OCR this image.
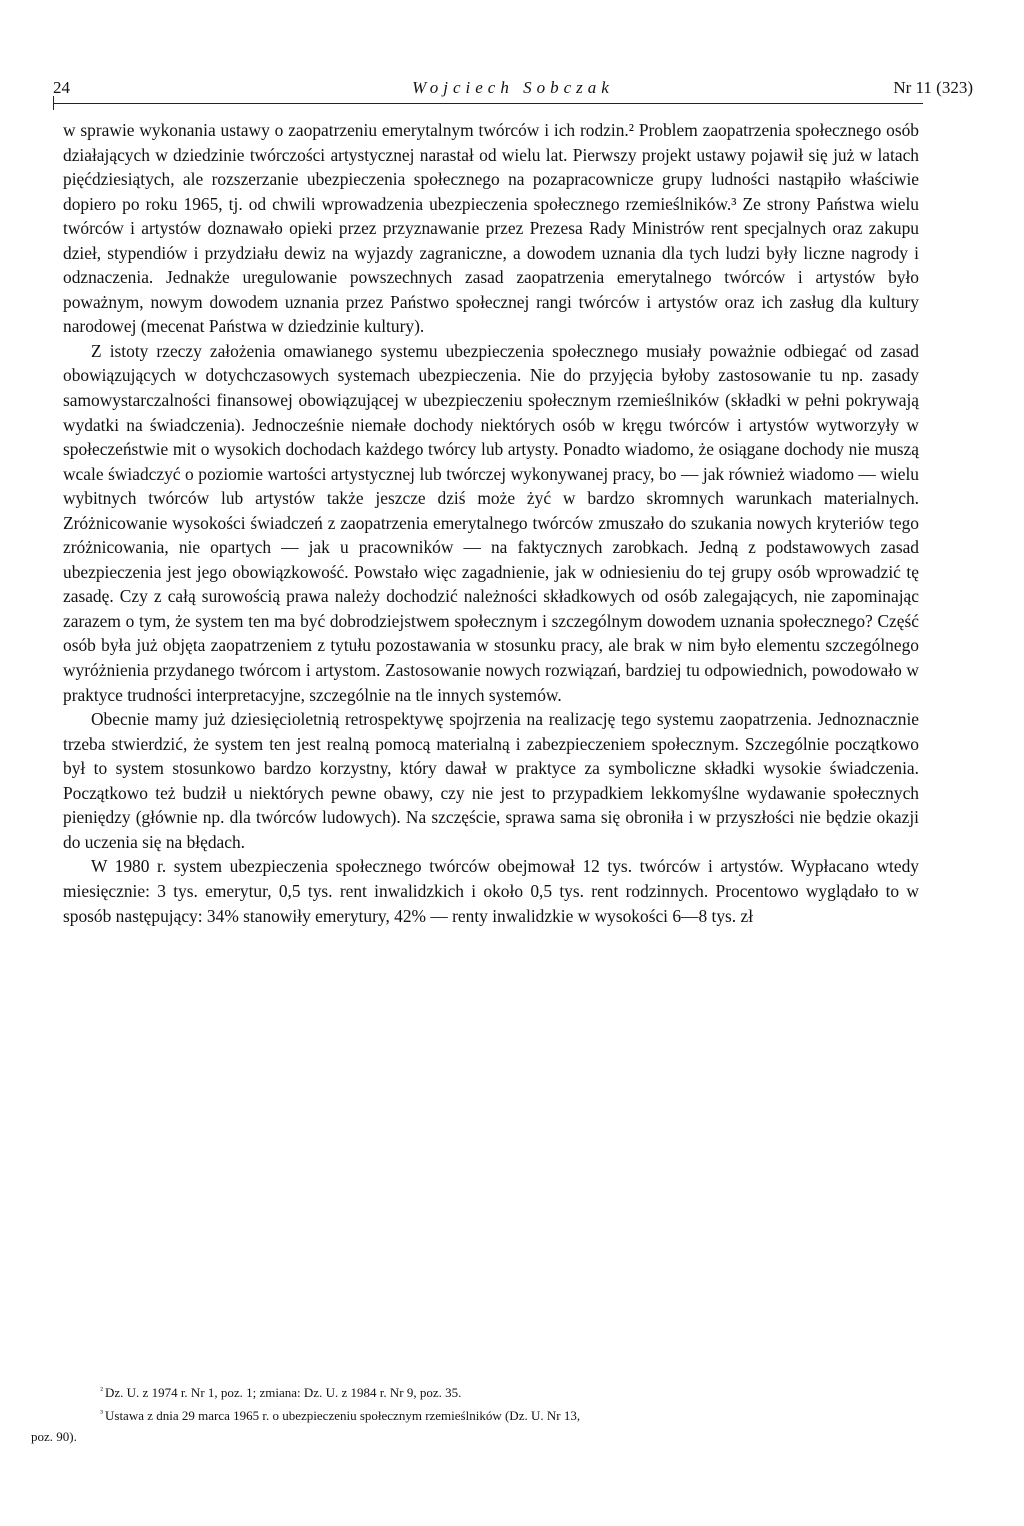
24	Wojciech Sobczak	Nr 11 (323)

w sprawie wykonania ustawy o zaopatrzeniu emerytalnym twórców i ich rodzin.² Problem zaopatrzenia społecznego osób działających w dziedzinie twórczości artystycznej narastał od wielu lat. Pierwszy projekt ustawy pojawił się już w latach pięćdziesiątych, ale rozszerzanie ubezpieczenia społecznego na pozapracownicze grupy ludności nastąpiło właściwie dopiero po roku 1965, tj. od chwili wprowadzenia ubezpieczenia społecznego rzemieślników.³ Ze strony Państwa wielu twórców i artystów doznawało opieki przez przyznawanie przez Prezesa Rady Ministrów rent specjalnych oraz zakupu dzieł, stypendiów i przydziału dewiz na wyjazdy zagraniczne, a dowodem uznania dla tych ludzi były liczne nagrody i odznaczenia. Jednakże uregulowanie powszechnych zasad zaopatrzenia emerytalnego twórców i artystów było poważnym, nowym dowodem uznania przez Państwo społecznej rangi twórców i artystów oraz ich zasług dla kultury narodowej (mecenat Państwa w dziedzinie kultury).

Z istoty rzeczy założenia omawianego systemu ubezpieczenia społecznego musiały poważnie odbiegać od zasad obowiązujących w dotychczasowych systemach ubezpieczenia. Nie do przyjęcia byłoby zastosowanie tu np. zasady samowystarczalności finansowej obowiązującej w ubezpieczeniu społecznym rzemieślników (składki w pełni pokrywają wydatki na świadczenia). Jednocześnie niemałe dochody niektórych osób w kręgu twórców i artystów wytworzyły w społeczeństwie mit o wysokich dochodach każdego twórcy lub artysty. Ponadto wiadomo, że osiągane dochody nie muszą wcale świadczyć o poziomie wartości artystycznej lub twórczej wykonywanej pracy, bo — jak również wiadomo — wielu wybitnych twórców lub artystów także jeszcze dziś może żyć w bardzo skromnych warunkach materialnych. Zróżnicowanie wysokości świadczeń z zaopatrzenia emerytalnego twórców zmuszało do szukania nowych kryteriów tego zróżnicowania, nie opartych — jak u pracowników — na faktycznych zarobkach. Jedną z podstawowych zasad ubezpieczenia jest jego obowiązkowość. Powstało więc zagadnienie, jak w odniesieniu do tej grupy osób wprowadzić tę zasadę. Czy z całą surowością prawa należy dochodzić należności składkowych od osób zalegających, nie zapominając zarazem o tym, że system ten ma być dobrodziejstwem społecznym i szczególnym dowodem uznania społecznego? Część osób była już objęta zaopatrzeniem z tytułu pozostawania w stosunku pracy, ale brak w nim było elementu szczególnego wyróżnienia przydanego twórcom i artystom. Zastosowanie nowych rozwiązań, bardziej tu odpowiednich, powodowało w praktyce trudności interpretacyjne, szczególnie na tle innych systemów.

Obecnie mamy już dziesięcioletnią retrospektywę spojrzenia na realizację tego systemu zaopatrzenia. Jednoznacznie trzeba stwierdzić, że system ten jest realną pomocą materialną i zabezpieczeniem społecznym. Szczególnie początkowo był to system stosunkowo bardzo korzystny, który dawał w praktyce za symboliczne składki wysokie świadczenia. Początkowo też budził u niektórych pewne obawy, czy nie jest to przypadkiem lekkomyślne wydawanie społecznych pieniędzy (głównie np. dla twórców ludowych). Na szczęście, sprawa sama się obroniła i w przyszłości nie będzie okazji do uczenia się na błędach.

W 1980 r. system ubezpieczenia społecznego twórców obejmował 12 tys. twórców i artystów. Wypłacano wtedy miesięcznie: 3 tys. emerytur, 0,5 tys. rent inwalidzkich i około 0,5 tys. rent rodzinnych. Procentowo wyglądało to w sposób następujący: 34% stanowiły emerytury, 42% — renty inwalidzkie w wysokości 6—8 tys. zł

² Dz. U. z 1974 r. Nr 1, poz. 1; zmiana: Dz. U. z 1984 r. Nr 9, poz. 35.

³ Ustawa z dnia 29 marca 1965 r. o ubezpieczeniu społecznym rzemieślników (Dz. U. Nr 13,

poz. 90).
